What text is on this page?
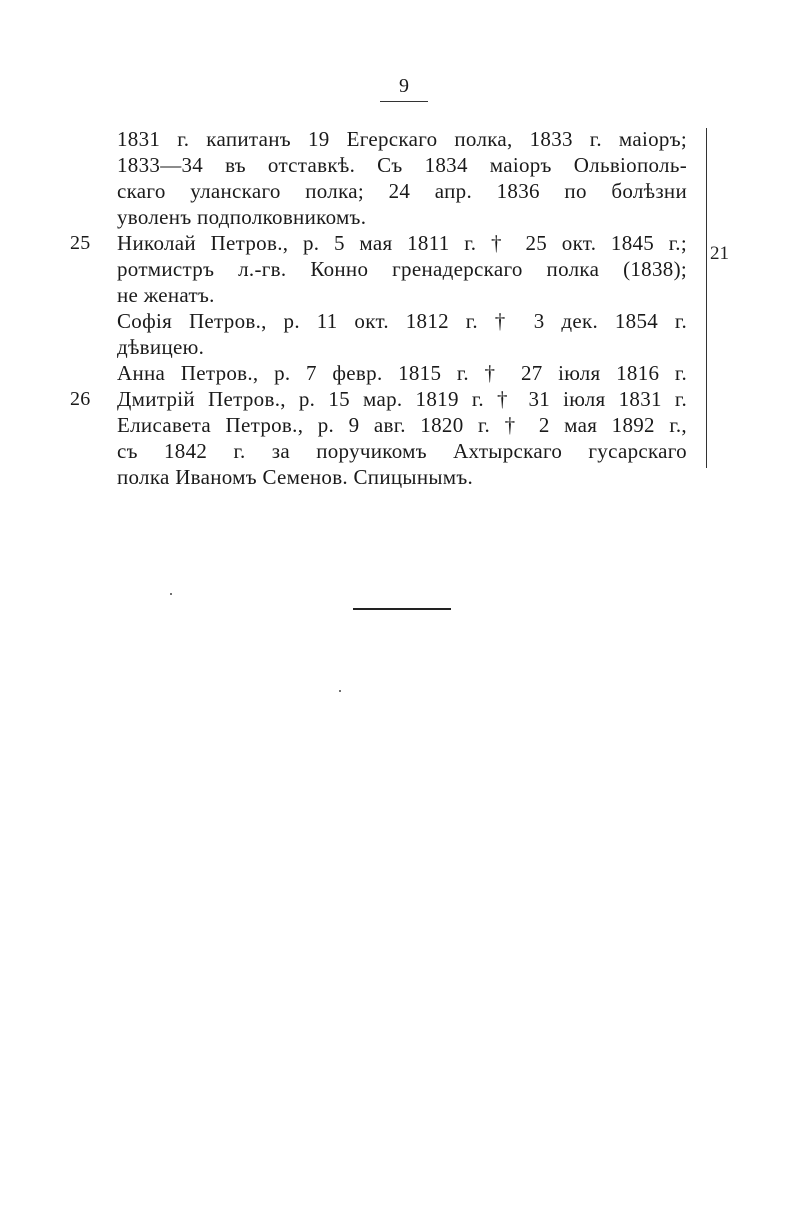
9
1831 г. капитанъ 19 Егерскаго полка, 1833 г. маіоръ;
1833—34 въ отставкѣ. Съ 1834 маіоръ Ольвіополь-
скаго уланскаго полка; 24 апр. 1836 по болѣзни
уволенъ подполковникомъ.
25	Николай Петров., р. 5 мая 1811 г. † 25 окт. 1845 г.;
ротмистръ л.-гв. Конно гренадерскаго полка (1838);
не женатъ.
Софія Петров., р. 11 окт. 1812 г. † 3 дек. 1854 г.
дѣвицею.
Анна Петров., р. 7 февр. 1815 г. † 27 іюля 1816 г.
26	Дмитрій Петров., р. 15 мар. 1819 г. † 31 іюля 1831 г.
Елисавета Петров., р. 9 авг. 1820 г. † 2 мая 1892 г.,
съ 1842 г. за поручикомъ Ахтырскаго гусарскаго
полка Иваномъ Семенов. Спицынымъ.
21
